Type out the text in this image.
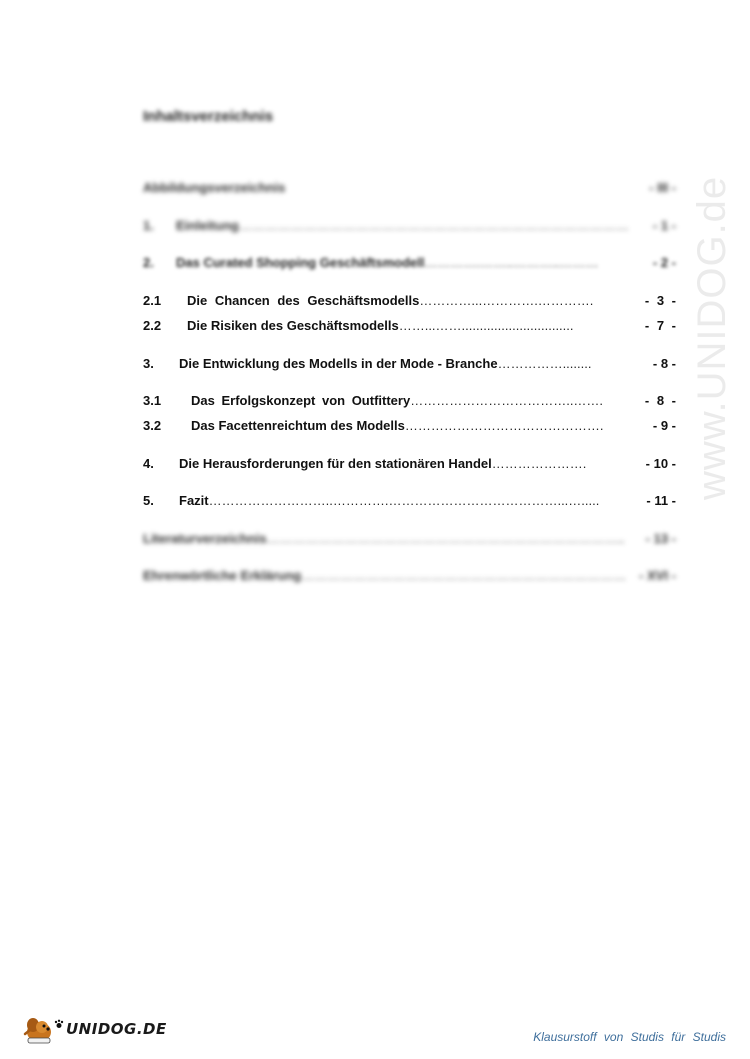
www.UNIDOG.de
Inhaltsverzeichnis
Abbildungsverzeichnis	- III -
1.	Einleitung ………………………………………………………………………………	- 1 -
2.	Das Curated Shopping Geschäftsmodell ………….……..………..………	- 2 -
2.1	Die Chancen des Geschäftsmodells …………...………….………….	- 3 -
2.2	Die Risiken des Geschäftsmodells ……...……...............................	- 7 -
3.	Die Entwicklung des Modells in der Mode - Branche ……………........	- 8 -
3.1	Das Erfolgskonzept von Outfittery ………………………………..…….	- 8 -
3.2	Das Facettenreichtum des Modells ……………………………………….	- 9 -
4.	Die Herausforderungen für den stationären Handel ………………….	- 10 -
5.	Fazit ………………………..………….…………………………………...….....	- 11 -
Literaturverzeichnis ………………………………………………………………………..	- 13 -
Ehrenwörtliche Erklärung ………………………………………………………………… - XVI -
UNIDOG.DE	Klausurstoff von Studis für Studis
